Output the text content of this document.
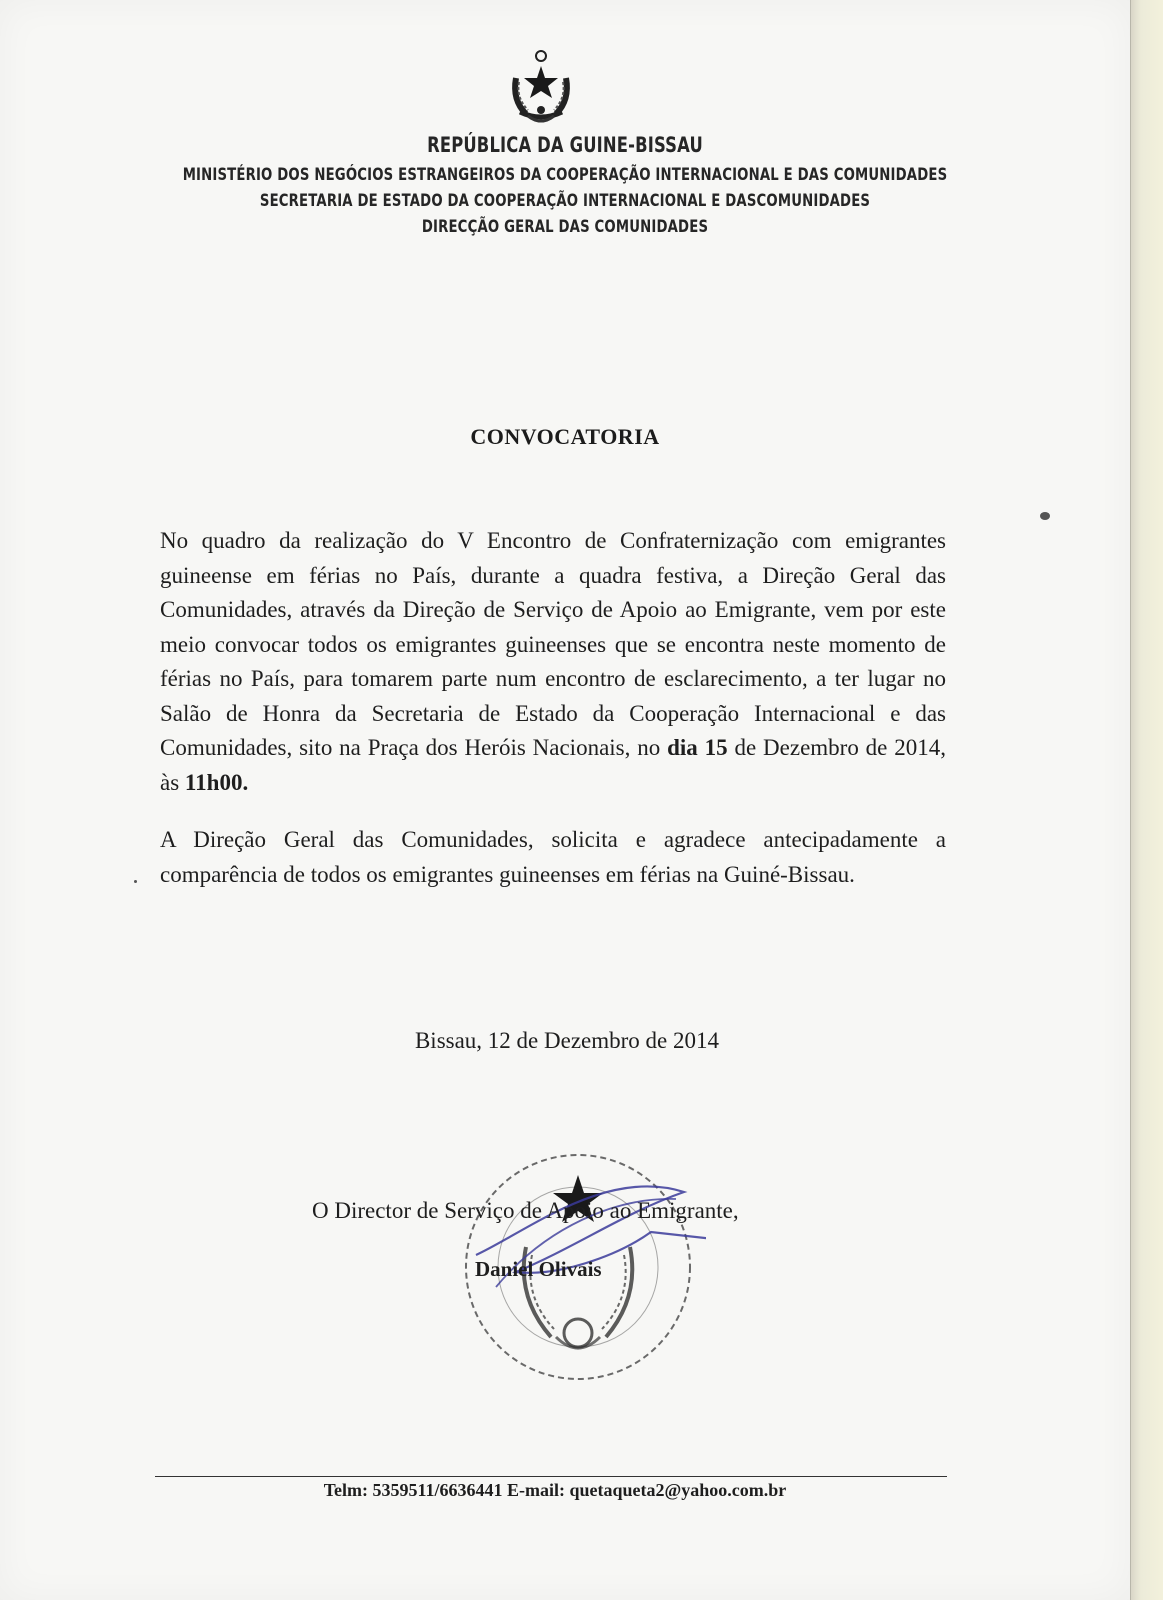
REPÚBLICA DA GUINE-BISSAU
MINISTÉRIO DOS NEGÓCIOS ESTRANGEIROS DA COOPERAÇÃO INTERNACIONAL E DAS COMUNIDADES
SECRETARIA DE ESTADO DA COOPERAÇÃO INTERNACIONAL E DASCOMUNIDADES
DIRECÇÃO GERAL DAS COMUNIDADES
CONVOCATORIA
No quadro da realização do V Encontro de Confraternização com emigrantes guineense em férias no País, durante a quadra festiva, a Direção Geral das Comunidades, através da Direção de Serviço de Apoio ao Emigrante, vem por este meio convocar todos os emigrantes guineenses que se encontra neste momento de férias no País, para tomarem parte num encontro de esclarecimento, a ter lugar no Salão de Honra da Secretaria de Estado da Cooperação Internacional e das Comunidades, sito na Praça dos Heróis Nacionais, no dia 15 de Dezembro de 2014, às 11h00.
A Direção Geral das Comunidades, solicita e agradece antecipadamente a comparência de todos os emigrantes guineenses em férias na Guiné-Bissau.
Bissau, 12 de Dezembro de 2014
O Director de Serviço de Apoio ao Emigrante,
Daniel Olivais
Telm: 5359511/6636441 E-mail: quetaqueta2@yahoo.com.br
